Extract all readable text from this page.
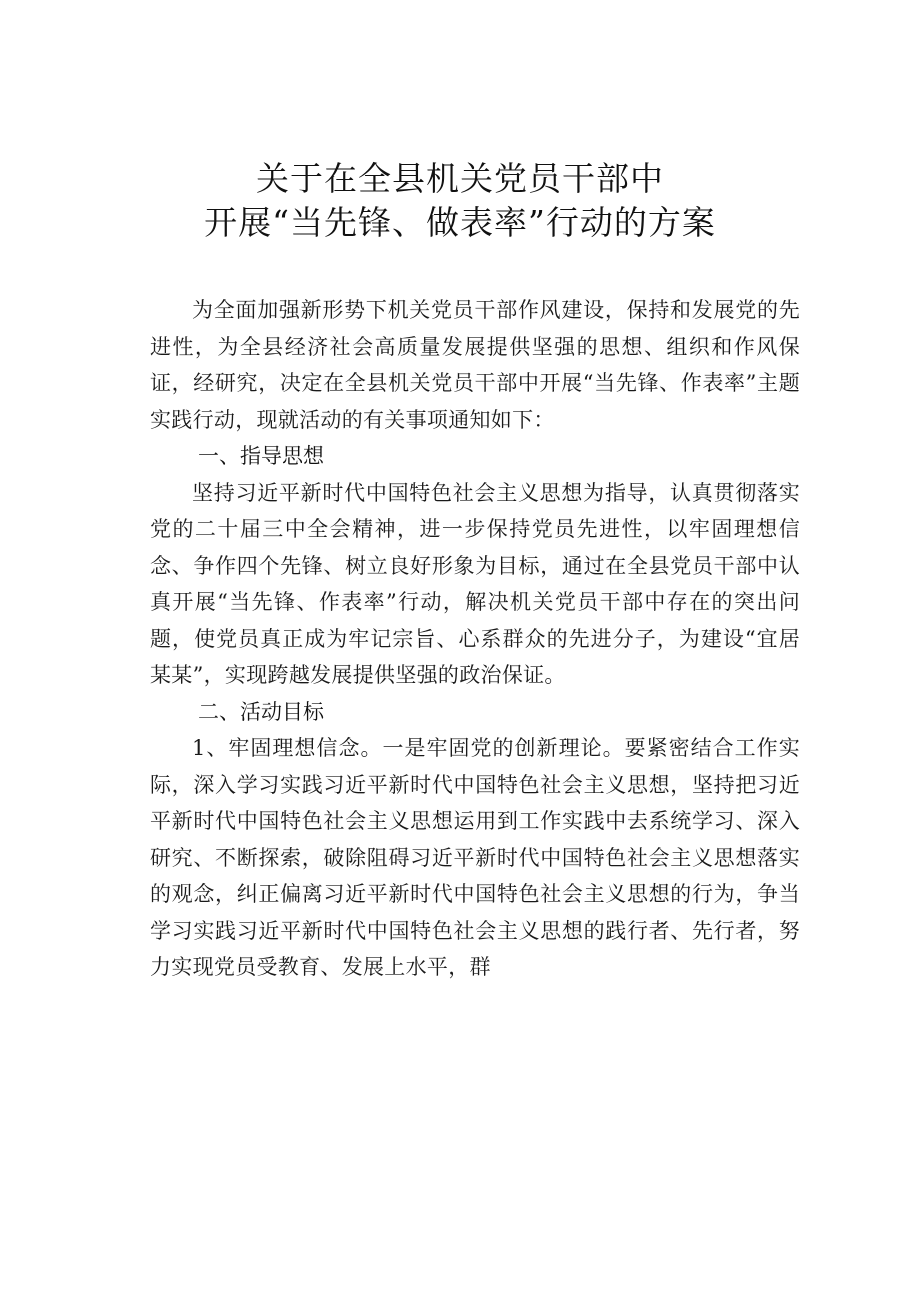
关于在全县机关党员干部中
开展“当先锋、做表率”行动的方案

为全面加强新形势下机关党员干部作风建设，保持和发展党的先进性，为全县经济社会高质量发展提供坚强的思想、组织和作风保证，经研究，决定在全县机关党员干部中开展“当先锋、作表率”主题实践行动，现就活动的有关事项通知如下：

一、指导思想

坚持习近平新时代中国特色社会主义思想为指导，认真贯彻落实党的二十届三中全会精神，进一步保持党员先进性，以牢固理想信念、争作四个先锋、树立良好形象为目标，通过在全县党员干部中认真开展“当先锋、作表率”行动，解决机关党员干部中存在的突出问题，使党员真正成为牢记宗旨、心系群众的先进分子，为建设“宜居某某”，实现跨越发展提供坚强的政治保证。

二、活动目标

1、牢固理想信念。一是牢固党的创新理论。要紧密结合工作实际，深入学习实践习近平新时代中国特色社会主义思想，坚持把习近平新时代中国特色社会主义思想运用到工作实践中去系统学习、深入研究、不断探索，破除阻碍习近平新时代中国特色社会主义思想落实的观念，纠正偏离习近平新时代中国特色社会主义思想的行为，争当学习实践习近平新时代中国特色社会主义思想的践行者、先行者，努力实现党员受教育、发展上水平，群
